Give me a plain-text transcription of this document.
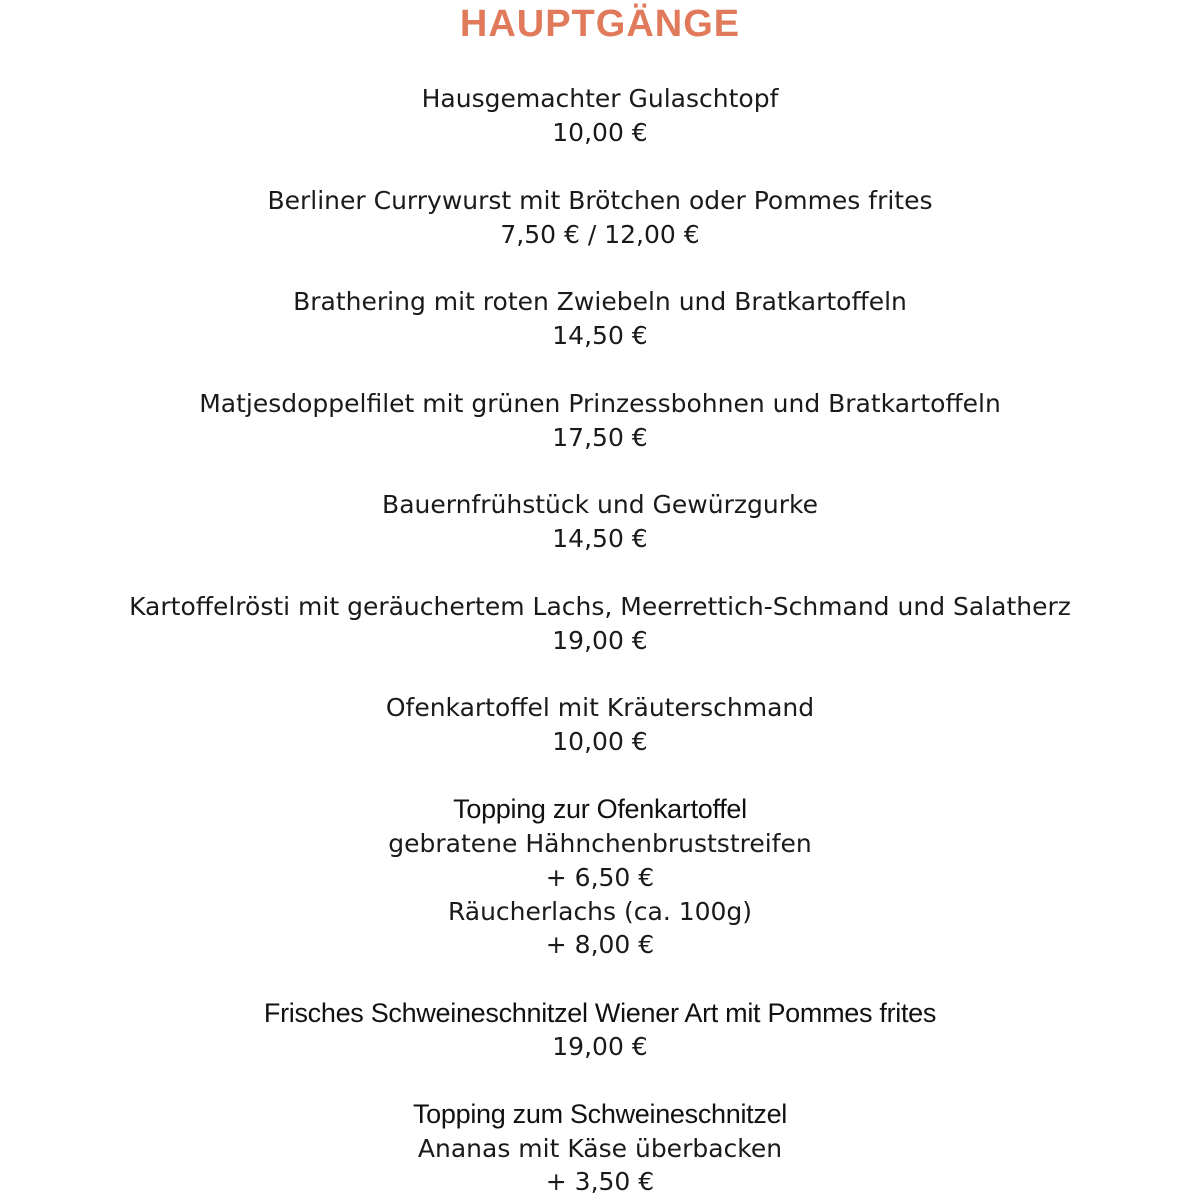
HAUPTGÄNGE
Hausgemachter Gulaschtopf
10,00 €
Berliner Currywurst mit Brötchen oder Pommes frites
7,50 € / 12,00 €
Brathering mit roten Zwiebeln und Bratkartoffeln
14,50 €
Matjesdoppelfilet mit grünen Prinzessbohnen und Bratkartoffeln
17,50 €
Bauernfrühstück und Gewürzgurke
14,50 €
Kartoffelrösti mit geräuchertem Lachs, Meerrettich-Schmand und Salatherz
19,00 €
Ofenkartoffel mit Kräuterschmand
10,00 €
Topping zur Ofenkartoffel
gebratene Hähnchenbruststreifen
+ 6,50 €
Räucherlachs (ca. 100g)
+ 8,00 €
Frisches Schweineschnitzel Wiener Art mit Pommes frites
19,00 €
Topping zum Schweineschnitzel
Ananas mit Käse überbacken
+ 3,50 €
